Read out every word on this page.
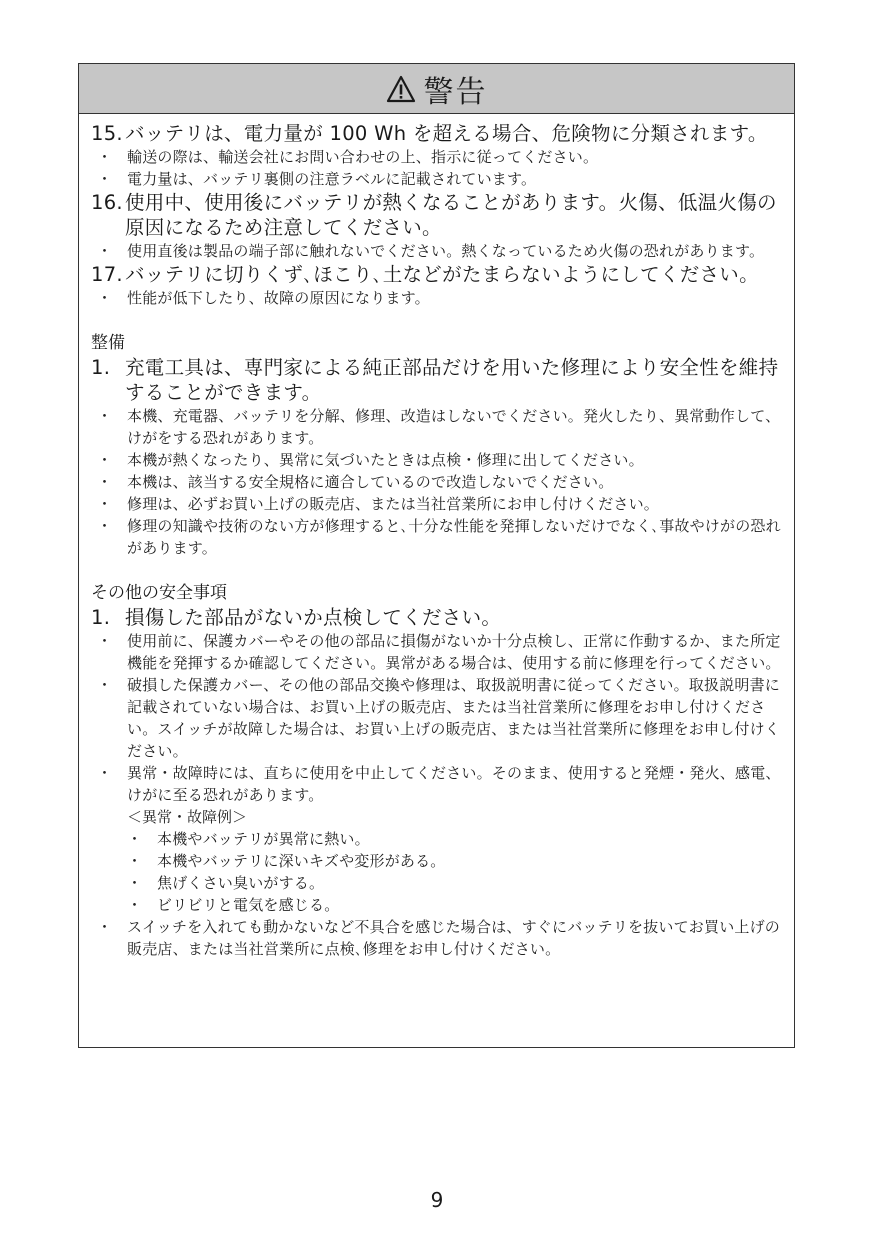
警告
15. バッテリは、電力量が 100 Wh を超える場合、危険物に分類されます。
・ 輸送の際は、輸送会社にお問い合わせの上、指示に従ってください。
・ 電力量は、バッテリ裏側の注意ラベルに記載されています。
16. 使用中、使用後にバッテリが熱くなることがあります。火傷、低温火傷の原因になるため注意してください。
・ 使用直後は製品の端子部に触れないでください。熱くなっているため火傷の恐れがあります。
17. バッテリに切りくず､ほこり､土などがたまらないようにしてください。
・ 性能が低下したり、故障の原因になります。
整備
1. 充電工具は、専門家による純正部品だけを用いた修理により安全性を維持することができます。
・ 本機、充電器、バッテリを分解、修理、改造はしないでください。発火したり、異常動作して、けがをする恐れがあります。
・ 本機が熱くなったり、異常に気づいたときは点検・修理に出してください。
・ 本機は、該当する安全規格に適合しているので改造しないでください。
・ 修理は、必ずお買い上げの販売店、または当社営業所にお申し付けください。
・ 修理の知識や技術のない方が修理すると､十分な性能を発揮しないだけでなく､事故やけがの恐れがあります。
その他の安全事項
1. 損傷した部品がないか点検してください。
・ 使用前に、保護カバーやその他の部品に損傷がないか十分点検し、正常に作動するか、また所定機能を発揮するか確認してください。異常がある場合は、使用する前に修理を行ってください。
・ 破損した保護カバー、その他の部品交換や修理は、取扱説明書に従ってください。取扱説明書に記載されていない場合は、お買い上げの販売店、または当社営業所に修理をお申し付けください。スイッチが故障した場合は、お買い上げの販売店、または当社営業所に修理をお申し付けください。
・ 異常・故障時には、直ちに使用を中止してください。そのまま、使用すると発煙・発火、感電、けがに至る恐れがあります。
＜異常・故障例＞
・ 本機やバッテリが異常に熱い。
・ 本機やバッテリに深いキズや変形がある。
・ 焦げくさい臭いがする。
・ ビリビリと電気を感じる。
・ スイッチを入れても動かないなど不具合を感じた場合は、すぐにバッテリを抜いてお買い上げの販売店、または当社営業所に点検､修理をお申し付けください。
9
